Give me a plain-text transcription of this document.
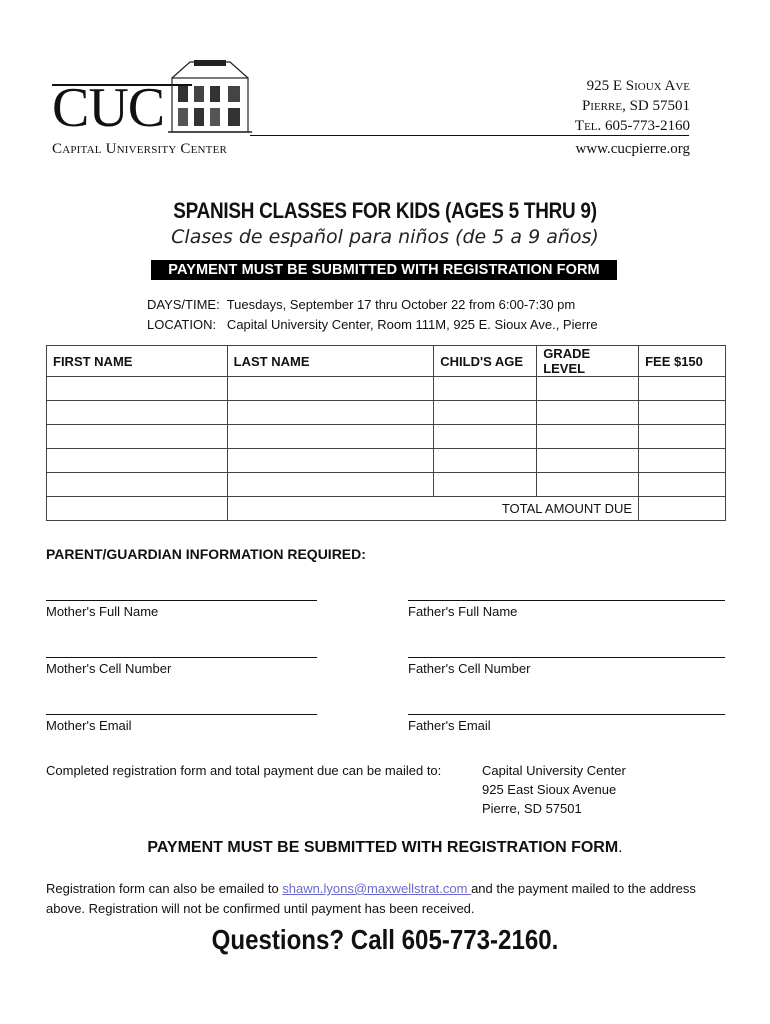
CUC
Capital University Center
925 E Sioux Ave
Pierre, SD 57501
Tel. 605-773-2160
www.cucpierre.org
SPANISH CLASSES FOR KIDS (AGES 5 THRU 9)
Clases de español para niños (de 5 a 9 años)
PAYMENT MUST BE SUBMITTED WITH REGISTRATION FORM
DAYS/TIME:  Tuesdays, September 17 thru October 22 from 6:00-7:30 pm
LOCATION:   Capital University Center, Room 111M, 925 E. Sioux Ave., Pierre
FIRST NAME	LAST NAME	CHILD'S AGE	GRADE LEVEL	FEE $150

	TOTAL AMOUNT DUE			
PARENT/GUARDIAN INFORMATION REQUIRED:
Mother's Full Name	Father's Full Name
Mother's Cell Number	Father's Cell Number
Mother's Email	Father's Email
Completed registration form and total payment due can be mailed to:	Capital University Center
925 East Sioux Avenue
Pierre, SD 57501
PAYMENT MUST BE SUBMITTED WITH REGISTRATION FORM.
Registration form can also be emailed to shawn.lyons@maxwellstrat.com and the payment mailed to the address above. Registration will not be confirmed until payment has been received.
Questions? Call 605-773-2160.
